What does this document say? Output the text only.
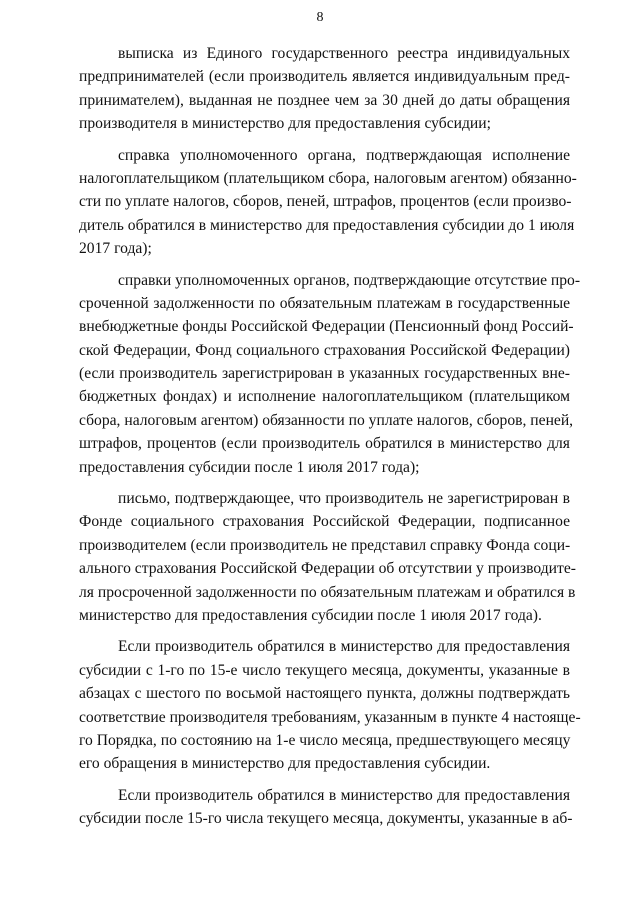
8
выписка из Единого государственного реестра индивидуальных
предпринимателей (если производитель является индивидуальным пред-
принимателем), выданная не позднее чем за 30 дней до даты обращения
производителя в министерство для предоставления субсидии;
справка уполномоченного органа, подтверждающая исполнение
налогоплательщиком (плательщиком сбора, налоговым агентом) обязанно-
сти по уплате налогов, сборов, пеней, штрафов, процентов (если произво-
дитель обратился в министерство для предоставления субсидии до 1 июля
2017 года);
справки уполномоченных органов, подтверждающие отсутствие про-
сроченной задолженности по обязательным платежам в государственные
внебюджетные фонды Российской Федерации (Пенсионный фонд Россий-
ской Федерации, Фонд социального страхования Российской Федерации)
(если производитель зарегистрирован в указанных государственных вне-
бюджетных фондах) и исполнение налогоплательщиком (плательщиком
сбора, налоговым агентом) обязанности по уплате налогов, сборов, пеней,
штрафов, процентов (если производитель обратился в министерство для
предоставления субсидии после 1 июля 2017 года);
письмо, подтверждающее, что производитель не зарегистрирован в
Фонде социального страхования Российской Федерации, подписанное
производителем (если производитель не представил справку Фонда соци-
ального страхования Российской Федерации об отсутствии у производите-
ля просроченной задолженности по обязательным платежам и обратился в
министерство для предоставления субсидии после 1 июля 2017 года).
Если производитель обратился в министерство для предоставления
субсидии с 1-го по 15-е число текущего месяца, документы, указанные в
абзацах с шестого по восьмой настоящего пункта, должны подтверждать
соответствие производителя требованиям, указанным в пункте 4 настояще-
го Порядка, по состоянию на 1-е число месяца, предшествующего месяцу
его обращения в министерство для предоставления субсидии.
Если производитель обратился в министерство для предоставления
субсидии после 15-го числа текущего месяца, документы, указанные в аб-
